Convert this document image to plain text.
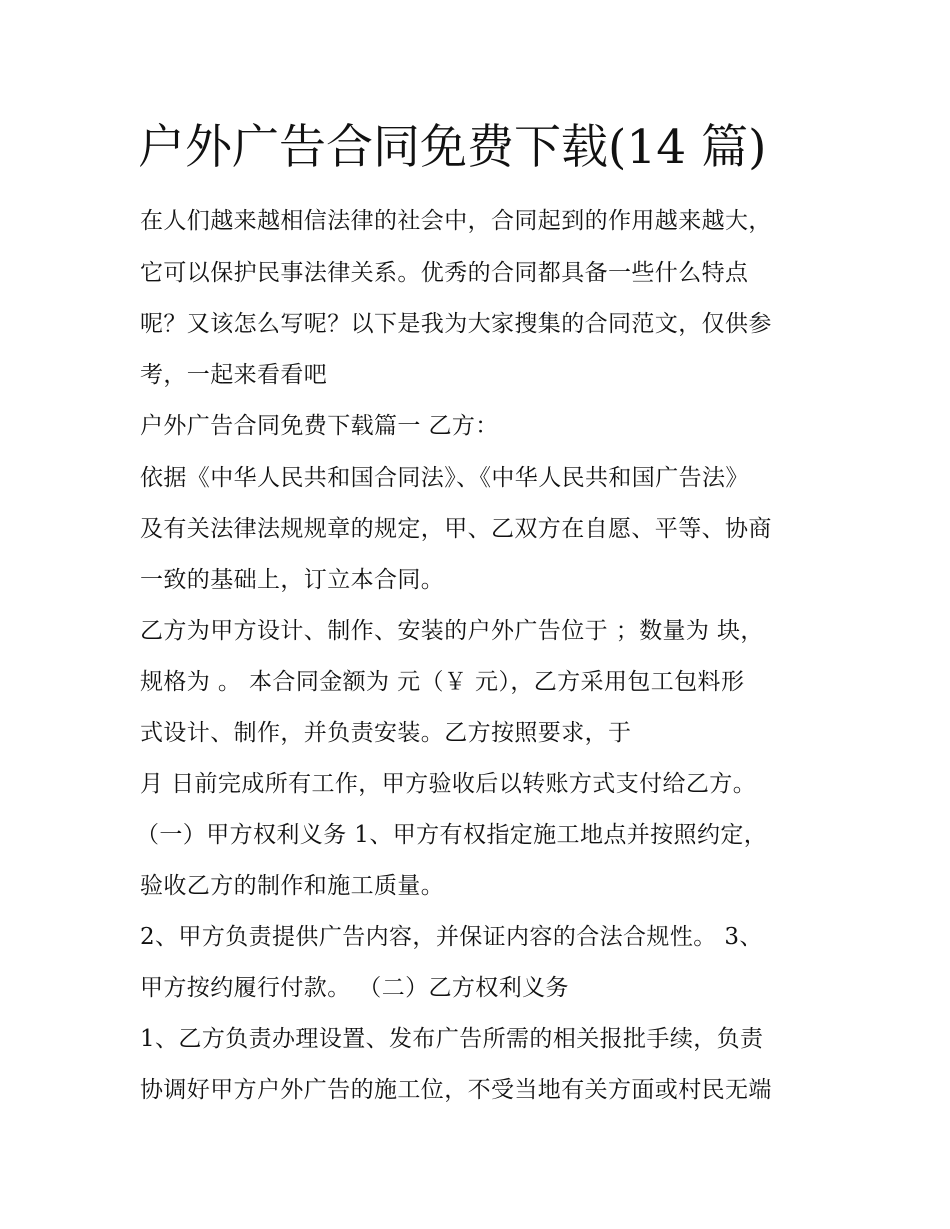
户外广告合同免费下载(14 篇)

在人们越来越相信法律的社会中，合同起到的作用越来越大，

它可以保护民事法律关系。优秀的合同都具备一些什么特点

呢？又该怎么写呢？以下是我为大家搜集的合同范文，仅供参

考，一起来看看吧

户外广告合同免费下载篇一 乙方：

依据《中华人民共和国合同法》、《中华人民共和国广告法》

及有关法律法规规章的规定，甲、乙双方在自愿、平等、协商

一致的基础上，订立本合同。

乙方为甲方设计、制作、安装的户外广告位于 ；数量为 块，

规格为 。 本合同金额为 元（￥ 元），乙方采用包工包料形

式设计、制作，并负责安装。乙方按照要求，于

月 日前完成所有工作，甲方验收后以转账方式支付给乙方。

（一）甲方权利义务 1、甲方有权指定施工地点并按照约定，

验收乙方的制作和施工质量。

2、甲方负责提供广告内容，并保证内容的合法合规性。 3、

甲方按约履行付款。 （二）乙方权利义务

1、乙方负责办理设置、发布广告所需的相关报批手续，负责

协调好甲方户外广告的施工位，不受当地有关方面或村民无端
